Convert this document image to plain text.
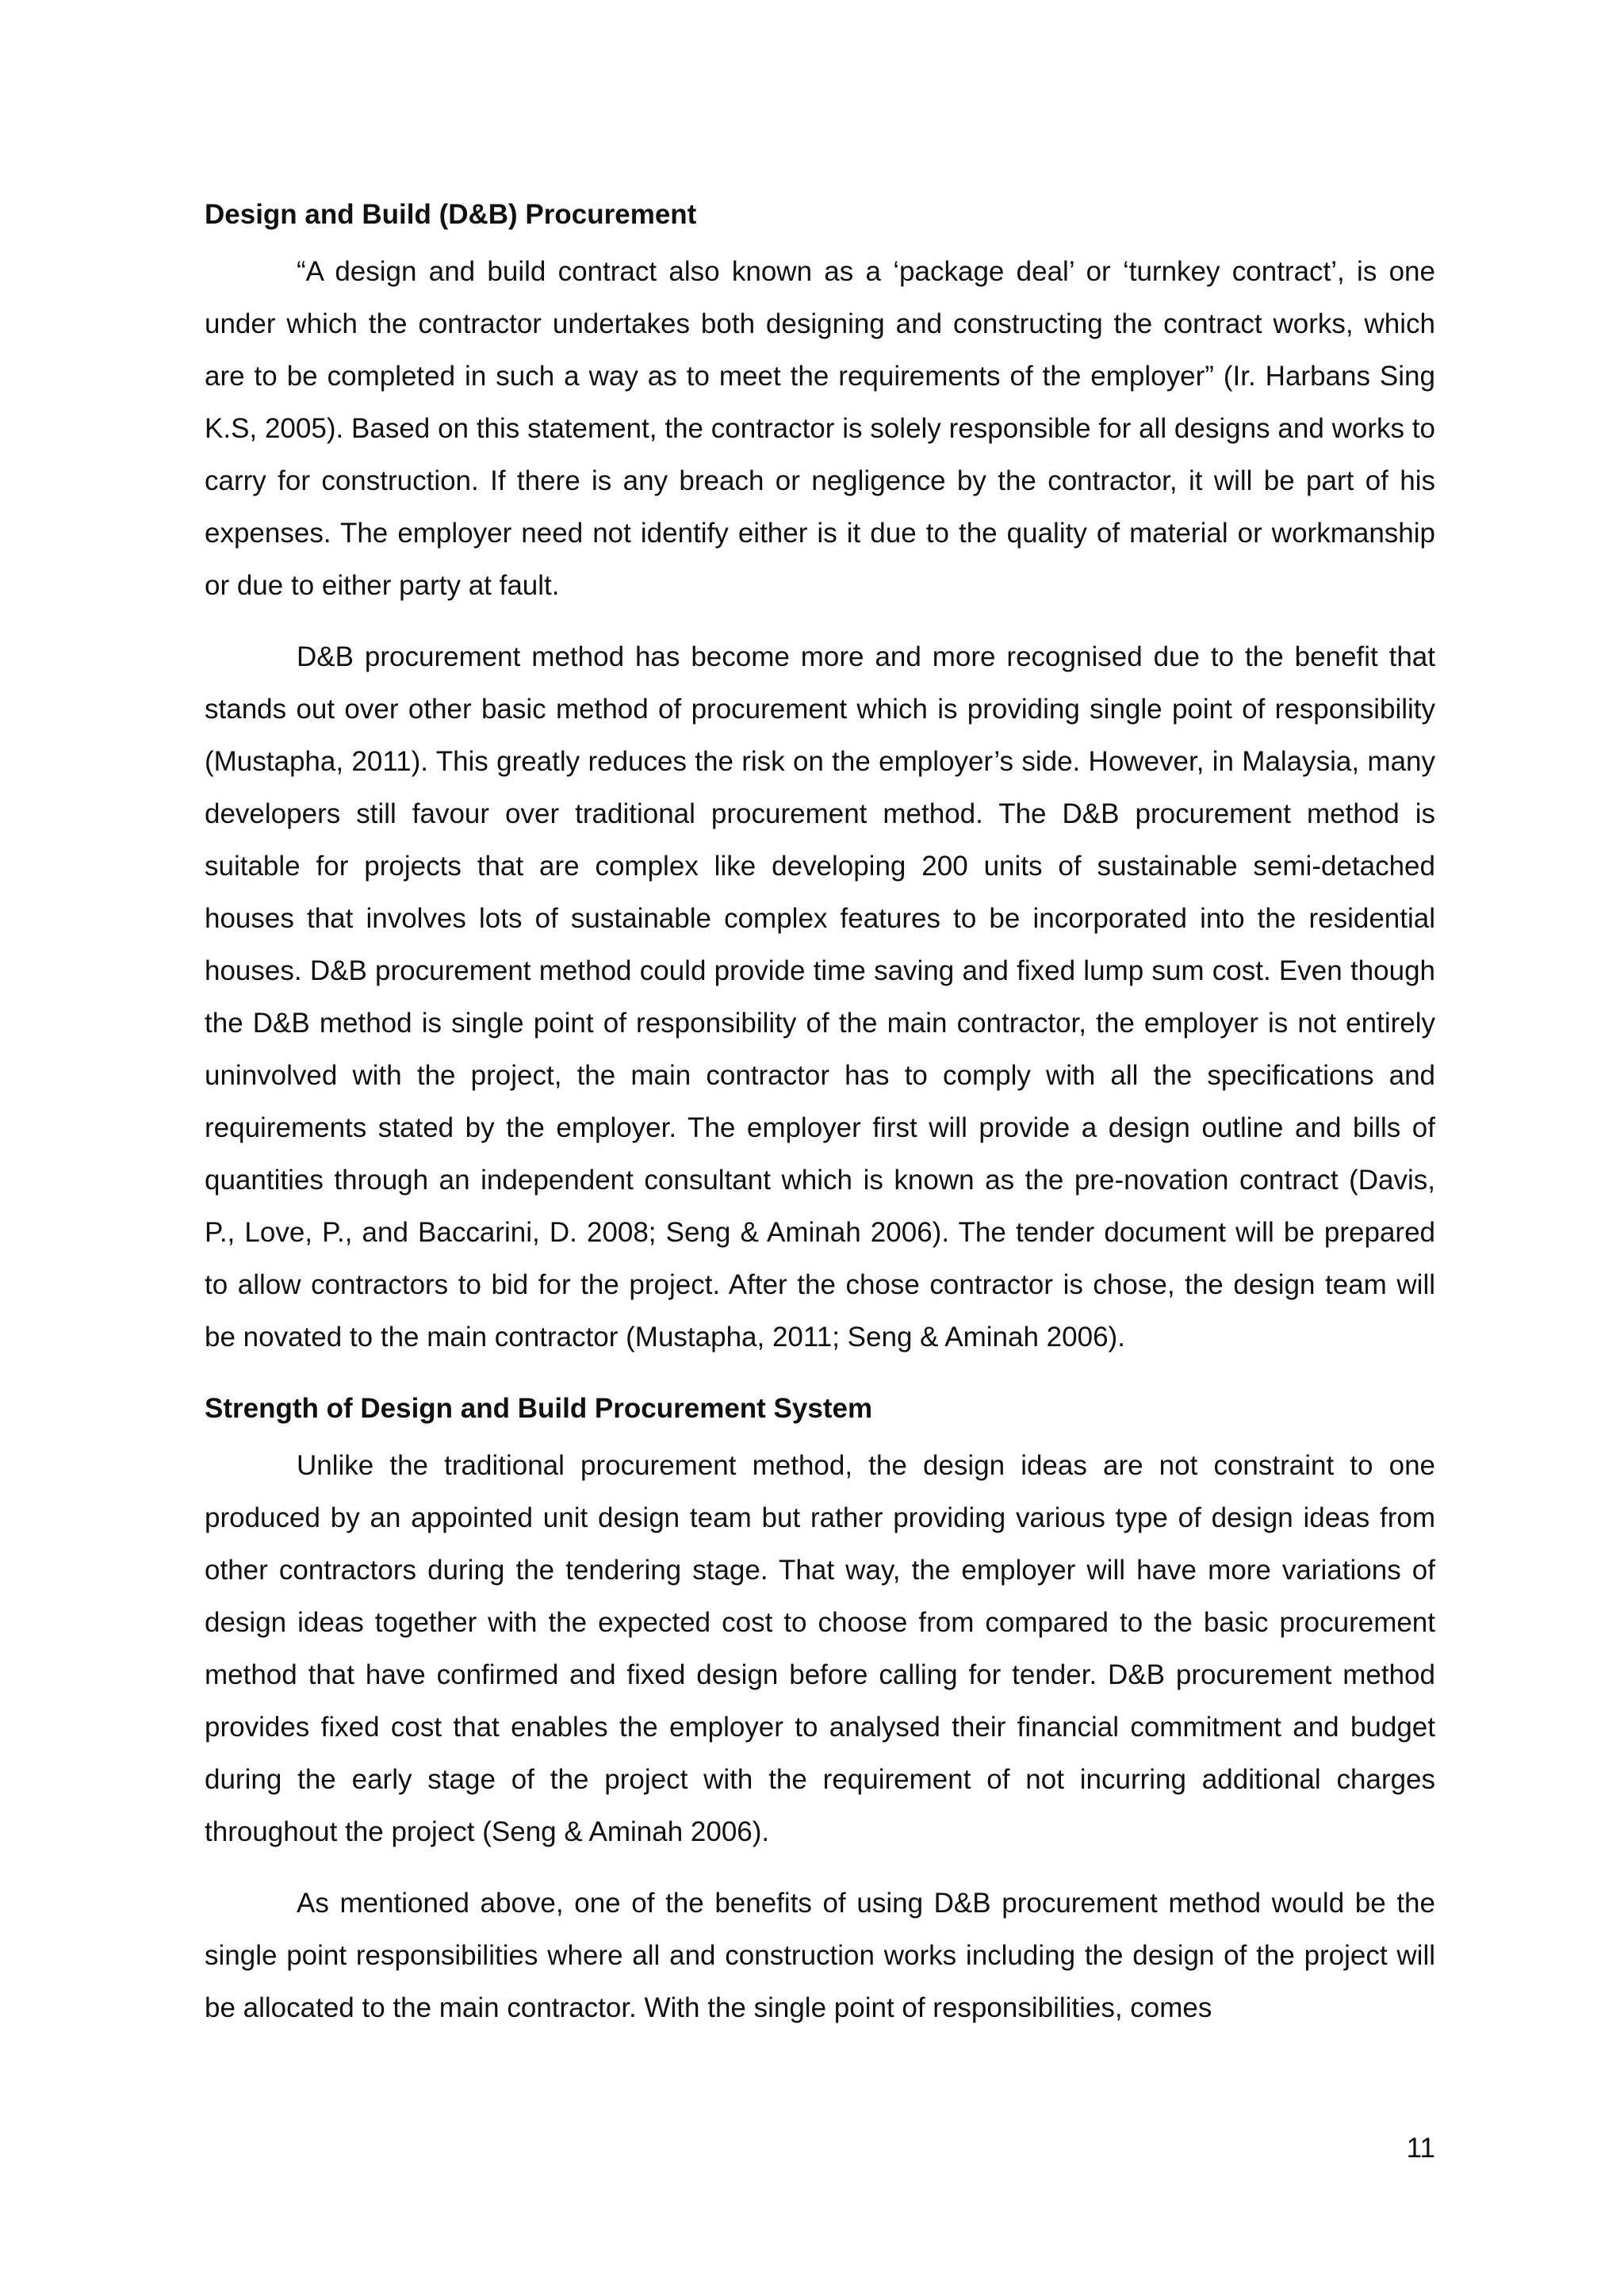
Design and Build (D&B) Procurement

“A design and build contract also known as a ‘package deal’ or ‘turnkey contract’, is one under which the contractor undertakes both designing and constructing the contract works, which are to be completed in such a way as to meet the requirements of the employer” (Ir. Harbans Sing K.S, 2005). Based on this statement, the contractor is solely responsible for all designs and works to carry for construction. If there is any breach or negligence by the contractor, it will be part of his expenses. The employer need not identify either is it due to the quality of material or workmanship or due to either party at fault.

D&B procurement method has become more and more recognised due to the benefit that stands out over other basic method of procurement which is providing single point of responsibility (Mustapha, 2011). This greatly reduces the risk on the employer’s side. However, in Malaysia, many developers still favour over traditional procurement method. The D&B procurement method is suitable for projects that are complex like developing 200 units of sustainable semi-detached houses that involves lots of sustainable complex features to be incorporated into the residential houses. D&B procurement method could provide time saving and fixed lump sum cost. Even though the D&B method is single point of responsibility of the main contractor, the employer is not entirely uninvolved with the project, the main contractor has to comply with all the specifications and requirements stated by the employer. The employer first will provide a design outline and bills of quantities through an independent consultant which is known as the pre-novation contract (Davis, P., Love, P., and Baccarini, D. 2008; Seng & Aminah 2006). The tender document will be prepared to allow contractors to bid for the project. After the chose contractor is chose, the design team will be novated to the main contractor (Mustapha, 2011; Seng & Aminah 2006).

Strength of Design and Build Procurement System

Unlike the traditional procurement method, the design ideas are not constraint to one produced by an appointed unit design team but rather providing various type of design ideas from other contractors during the tendering stage. That way, the employer will have more variations of design ideas together with the expected cost to choose from compared to the basic procurement method that have confirmed and fixed design before calling for tender. D&B procurement method provides fixed cost that enables the employer to analysed their financial commitment and budget during the early stage of the project with the requirement of not incurring additional charges throughout the project (Seng & Aminah 2006).

As mentioned above, one of the benefits of using D&B procurement method would be the single point responsibilities where all and construction works including the design of the project will be allocated to the main contractor. With the single point of responsibilities, comes

11
